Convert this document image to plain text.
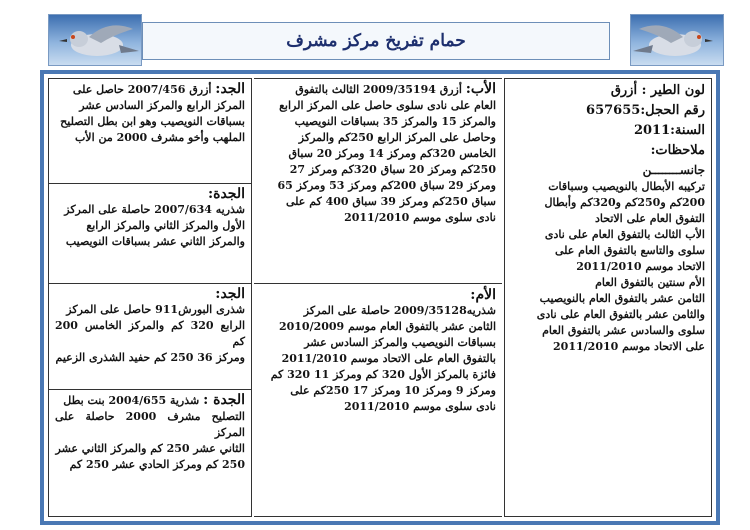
حمام تفريخ مركز مشرف
لون الطير : أزرق
رقم الحجل:657655
السنة:2011
ملاحظات:
جانســــــــن
تركيبه الأبطال بالنويصيب وسباقات
200كم و250كم و320كم وأبطال
التفوق العام على الاتحاد
الأب الثالث بالتفوق العام على نادى
سلوى والتاسع بالتفوق العام على
الاتحاد موسم 2011/2010
الأم سنتين بالتفوق العام
الثامن عشر بالتفوق العام بالنويصيب
والثامن عشر بالتفوق العام على نادى
سلوى والسادس عشر بالتفوق العام
على الاتحاد موسم 2011/2010
الأب: أزرق 2009/35194 الثالث بالتفوق
العام على نادى سلوى حاصل على المركز الرابع
والمركز 15 والمركز 35 بسباقات النويصيب
وحاصل على المركز الرابع 250كم والمركز
الخامس 320كم ومركز 14 ومركز 20 سباق
250كم ومركز 20 سباق 320كم ومركز 27
ومركز 29 سباق 200كم ومركز 53 ومركز 65
سباق 250كم ومركز 39 سباق 400 كم على
نادى سلوى موسم 2011/2010
الأم:
شذريه2009/35128 حاصلة على المركز
الثامن عشر بالتفوق العام موسم 2010/2009
بسباقات النويصيب والمركز السادس عشر
بالتفوق العام على الاتحاد موسم 2011/2010
فائزة بالمركز الأول 320 كم ومركز 11 320 كم
ومركز 9 ومركز 10 ومركز 17 250كم على
نادى سلوى موسم 2011/2010
الجد: أزرق 2007/456 حاصل على
المركز الرابع والمركز السادس عشر
بسباقات النويصيب وهو ابن بطل التصليح
الملهب وأخو مشرف 2000 من الأب
الجدة:
شذريه 2007/634 حاصلة على المركز
الأول والمركز الثاني والمركز الرابع
والمركز الثاني عشر بسباقات النويصيب
الجد:
شذرى البورش911 حاصل على المركز
الرابع 320 كم والمركز الخامس 200 كم
ومركز 36 250 كم حفيد الشذرى الزعيم
الجدة : شذرية 2004/655 بنت بطل
التصليح مشرف 2000 حاصلة على المركز
الثاني عشر 250 كم والمركز الثاني عشر
250 كم ومركز الحادي عشر 250 كم
